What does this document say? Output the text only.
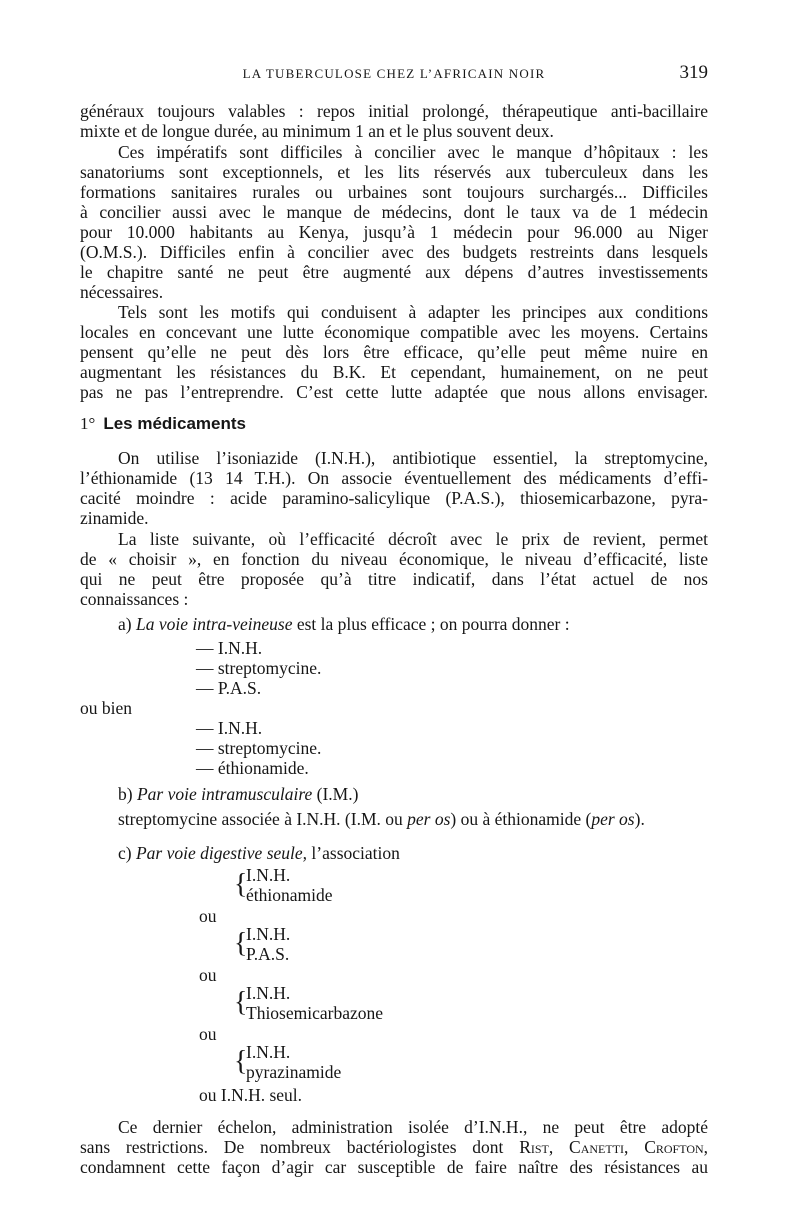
LA TUBERCULOSE CHEZ L’AFRICAIN NOIR	319
généraux toujours valables : repos initial prolongé, thérapeutique anti-bacillaire
mixte et de longue durée, au minimum 1 an et le plus souvent deux.
Ces impératifs sont difficiles à concilier avec le manque d’hôpitaux : les
sanatoriums sont exceptionnels, et les lits réservés aux tuberculeux dans les
formations sanitaires rurales ou urbaines sont toujours surchargés... Difficiles
à concilier aussi avec le manque de médecins, dont le taux va de 1 médecin
pour 10.000 habitants au Kenya, jusqu’à 1 médecin pour 96.000 au Niger
(O.M.S.). Difficiles enfin à concilier avec des budgets restreints dans lesquels
le chapitre santé ne peut être augmenté aux dépens d’autres investissements
nécessaires.
Tels sont les motifs qui conduisent à adapter les principes aux conditions
locales en concevant une lutte économique compatible avec les moyens. Certains
pensent qu’elle ne peut dès lors être efficace, qu’elle peut même nuire en
augmentant les résistances du B.K. Et cependant, humainement, on ne peut
pas ne pas l’entreprendre. C’est cette lutte adaptée que nous allons envisager.
1° Les médicaments
On utilise l’isoniazide (I.N.H.), antibiotique essentiel, la streptomycine,
l’éthionamide (13 14 T.H.). On associe éventuellement des médicaments d’effi-
cacité moindre : acide paramino-salicylique (P.A.S.), thiosemicarbazone, pyra-
zinamide.
La liste suivante, où l’efficacité décroît avec le prix de revient, permet
de « choisir », en fonction du niveau économique, le niveau d’efficacité, liste
qui ne peut être proposée qu’à titre indicatif, dans l’état actuel de nos
connaissances :
a) La voie intra-veineuse est la plus efficace ; on pourra donner :
— I.N.H.
— streptomycine.
— P.A.S.
ou bien
— I.N.H.
— streptomycine.
— éthionamide.
b) Par voie intramusculaire (I.M.)
streptomycine associée à I.N.H. (I.M. ou per os) ou à éthionamide (per os).
c) Par voie digestive seule, l’association
{
I.N.H.
éthionamide
ou
{
I.N.H.
P.A.S.
ou
{
I.N.H.
Thiosemicarbazone
ou
{
I.N.H.
pyrazinamide
ou I.N.H. seul.
Ce dernier échelon, administration isolée d’I.N.H., ne peut être adopté
sans restrictions. De nombreux bactériologistes dont Rist, Canetti, Crofton,
condamnent cette façon d’agir car susceptible de faire naître des résistances au
